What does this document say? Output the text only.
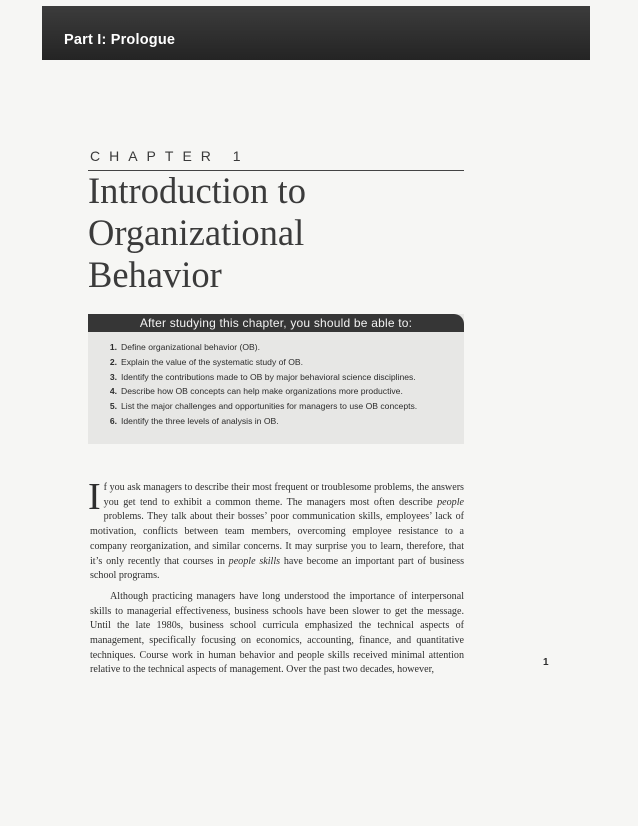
Part I: Prologue
CHAPTER 1
Introduction to
Organizational
Behavior
After studying this chapter, you should be able to:
1. Define organizational behavior (OB).
2. Explain the value of the systematic study of OB.
3. Identify the contributions made to OB by major behavioral science disciplines.
4. Describe how OB concepts can help make organizations more productive.
5. List the major challenges and opportunities for managers to use OB concepts.
6. Identify the three levels of analysis in OB.

If you ask managers to describe their most frequent or troublesome problems, the answers you get tend to exhibit a common theme. The managers most often describe people problems. They talk about their bosses’ poor communication skills, employees’ lack of motivation, conflicts between team members, overcoming employee resistance to a company reorganization, and similar concerns. It may surprise you to learn, therefore, that it’s only recently that courses in people skills have become an important part of business school programs.

Although practicing managers have long understood the importance of interpersonal skills to managerial effectiveness, business schools have been slower to get the message. Until the late 1980s, business school curricula emphasized the technical aspects of management, specifically focusing on economics, accounting, finance, and quantitative techniques. Course work in human behavior and people skills received minimal attention relative to the technical aspects of management. Over the past two decades, however,

1
